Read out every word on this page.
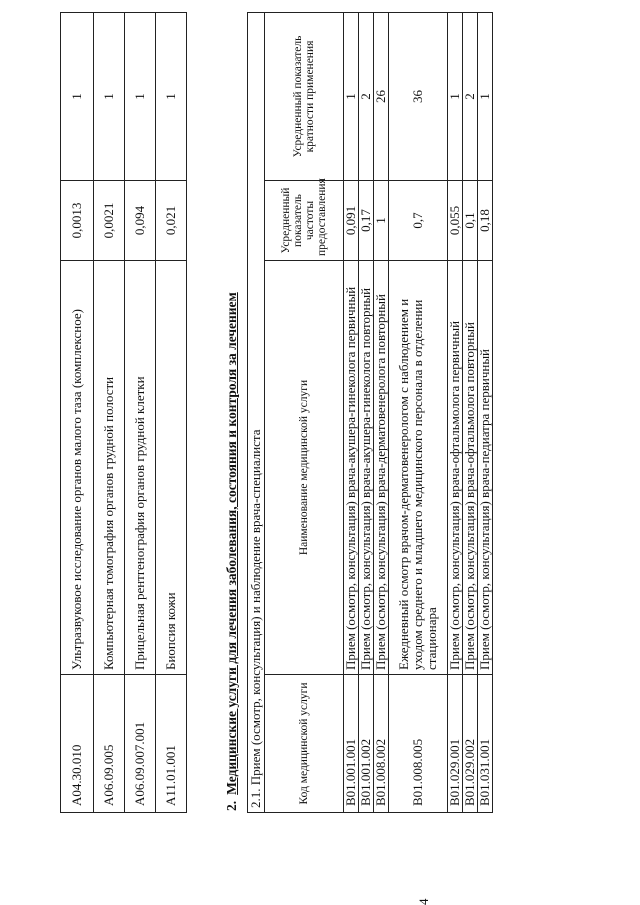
4
A04.30.010	Ультразвуковое исследование органов малого таза (комплексное)	0,0013	1
A06.09.005	Компьютерная томография органов грудной полости	0,0021	1
A06.09.007.001	Прицельная рентгенография органов грудной клетки	0,094	1
A11.01.001	Биопсия кожи	0,021	1
2.Медицинские услуги для лечения заболевания, состояния и контроля за лечением 2.1. Прием (осмотр, консультация) и наблюдение врача-специалиста			
Код медицинской услуги	Наименование медицинской услуги	Усредненный показатель частоты предоставления	Усредненный показатель кратности применения
B01.001.001	Прием (осмотр, консультация) врача-акушера-гинеколога первичный	0,091	1
B01.001.002	Прием (осмотр, консультация) врача-акушера-гинеколога повторный	0,17	2
B01.008.002	Прием (осмотр, консультация) врача-дерматовенеролога повторный	1	26
B01.008.005	Ежедневный осмотр врачом-дерматовенерологом с наблюдением и уходом среднего и младшего медицинского персонала в отделении стационара	0,7	36
B01.029.001	Прием (осмотр, консультация) врача-офтальмолога первичный	0,055	1
B01.029.002	Прием (осмотр, консультация) врача-офтальмолога повторный	0,1	2
B01.031.001	Прием (осмотр, консультация) врача-педиатра первичный	0,18	1
